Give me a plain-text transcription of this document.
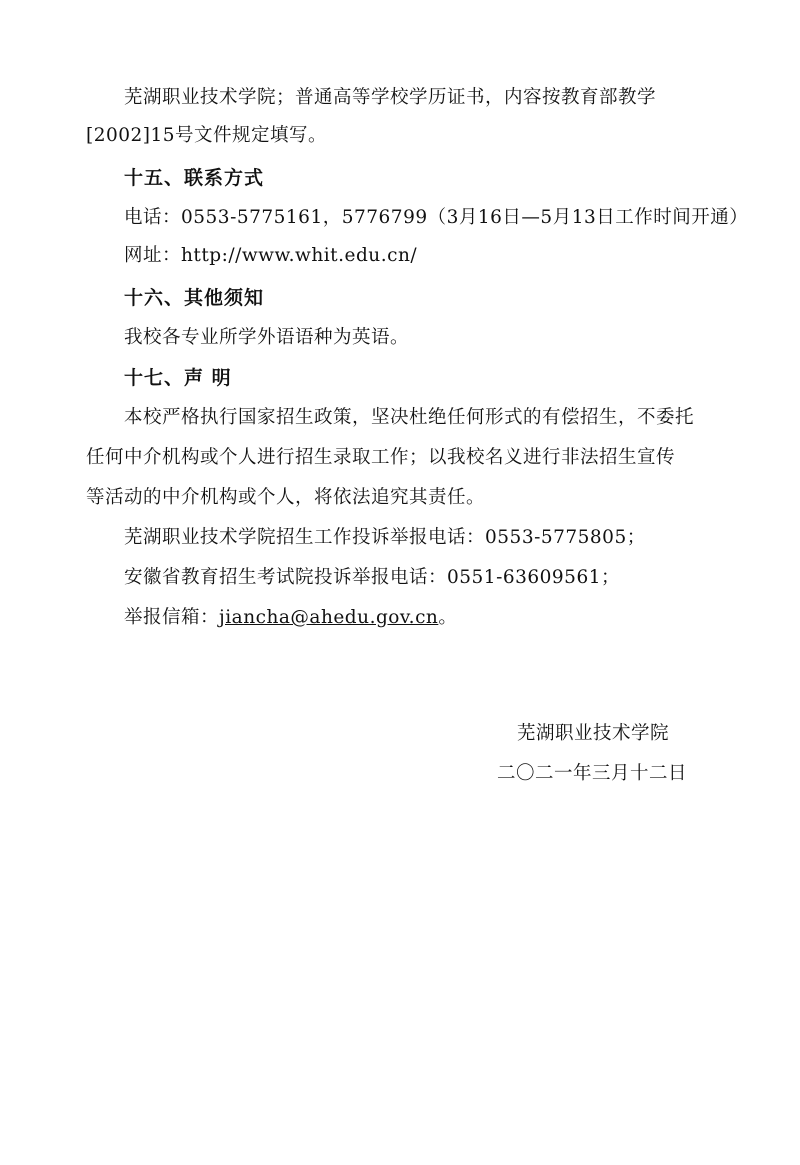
芜湖职业技术学院；普通高等学校学历证书，内容按教育部教学
[2002]15号文件规定填写。
十五、联系方式
电话：0553-5775161，5776799（3月16日—5月13日工作时间开通）
网址：http://www.whit.edu.cn/
十六、其他须知
我校各专业所学外语语种为英语。
十七、声 明
本校严格执行国家招生政策，坚决杜绝任何形式的有偿招生，不委托
任何中介机构或个人进行招生录取工作；以我校名义进行非法招生宣传
等活动的中介机构或个人，将依法追究其责任。
芜湖职业技术学院招生工作投诉举报电话：0553-5775805；
安徽省教育招生考试院投诉举报电话：0551-63609561；
举报信箱：jiancha@ahedu.gov.cn。
芜湖职业技术学院
二〇二一年三月十二日
